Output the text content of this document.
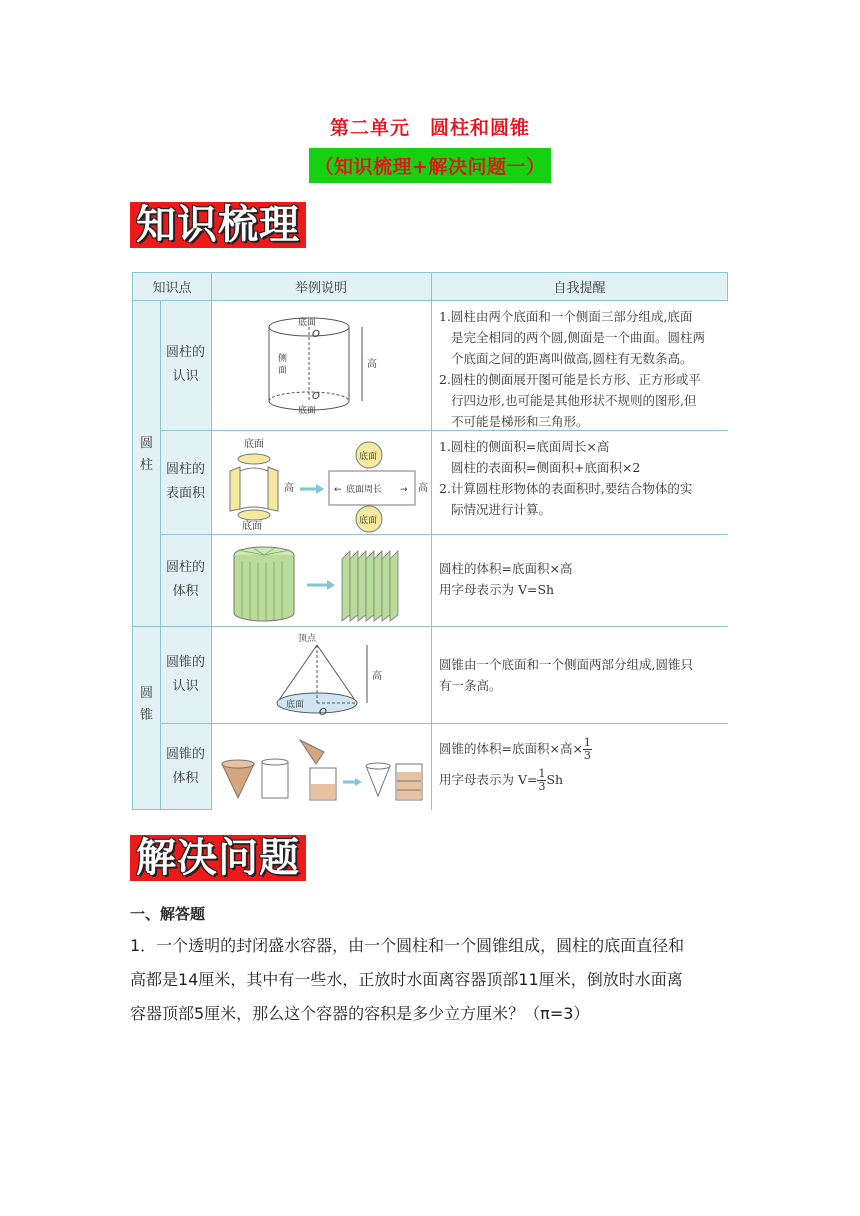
第二单元　圆柱和圆锥
（知识梳理+解决问题一）
知识梳理
知识点	举例说明	自我提醒
圆
柱
圆
锥
圆柱的
认识
圆柱的
表面积
圆柱的
体积
圆锥的
认识
圆锥的
体积
底面
O
O
底面
侧
面
高

1.圆柱由两个底面和一个侧面三部分组成,底面

是完全相同的两个圆,侧面是一个曲面。圆柱两

个底面之间的距离叫做高,圆柱有无数条高。

2.圆柱的侧面展开图可能是长方形、正方形或平

行四边形,也可能是其他形状不规则的图形,但

不可能是梯形和三角形。

底面
底面
高
底面
← 底面周长 → 高
底面

1.圆柱的侧面积=底面周长×高

圆柱的表面积=侧面积+底面积×2

2.计算圆柱形物体的表面积时,要结合物体的实

际情况进行计算。

圆柱的体积=底面积×高

用字母表示为 V=Sh

顶点
高
底面
O

圆锥由一个底面和一个侧面两部分组成,圆锥只

有一条高。

圆锥的体积=底面积×高× $\frac{1}{3}$

用字母表示为 $V= \frac{1}{3}$ Sh

解决问题
一、解答题
1．一个透明的封闭盛水容器，由一个圆柱和一个圆锥组成，圆柱的底面直径和
高都是14厘米，其中有一些水，正放时水面离容器顶部11厘米，倒放时水面离
容器顶部5厘米，那么这个容器的容积是多少立方厘米？（π=3）
